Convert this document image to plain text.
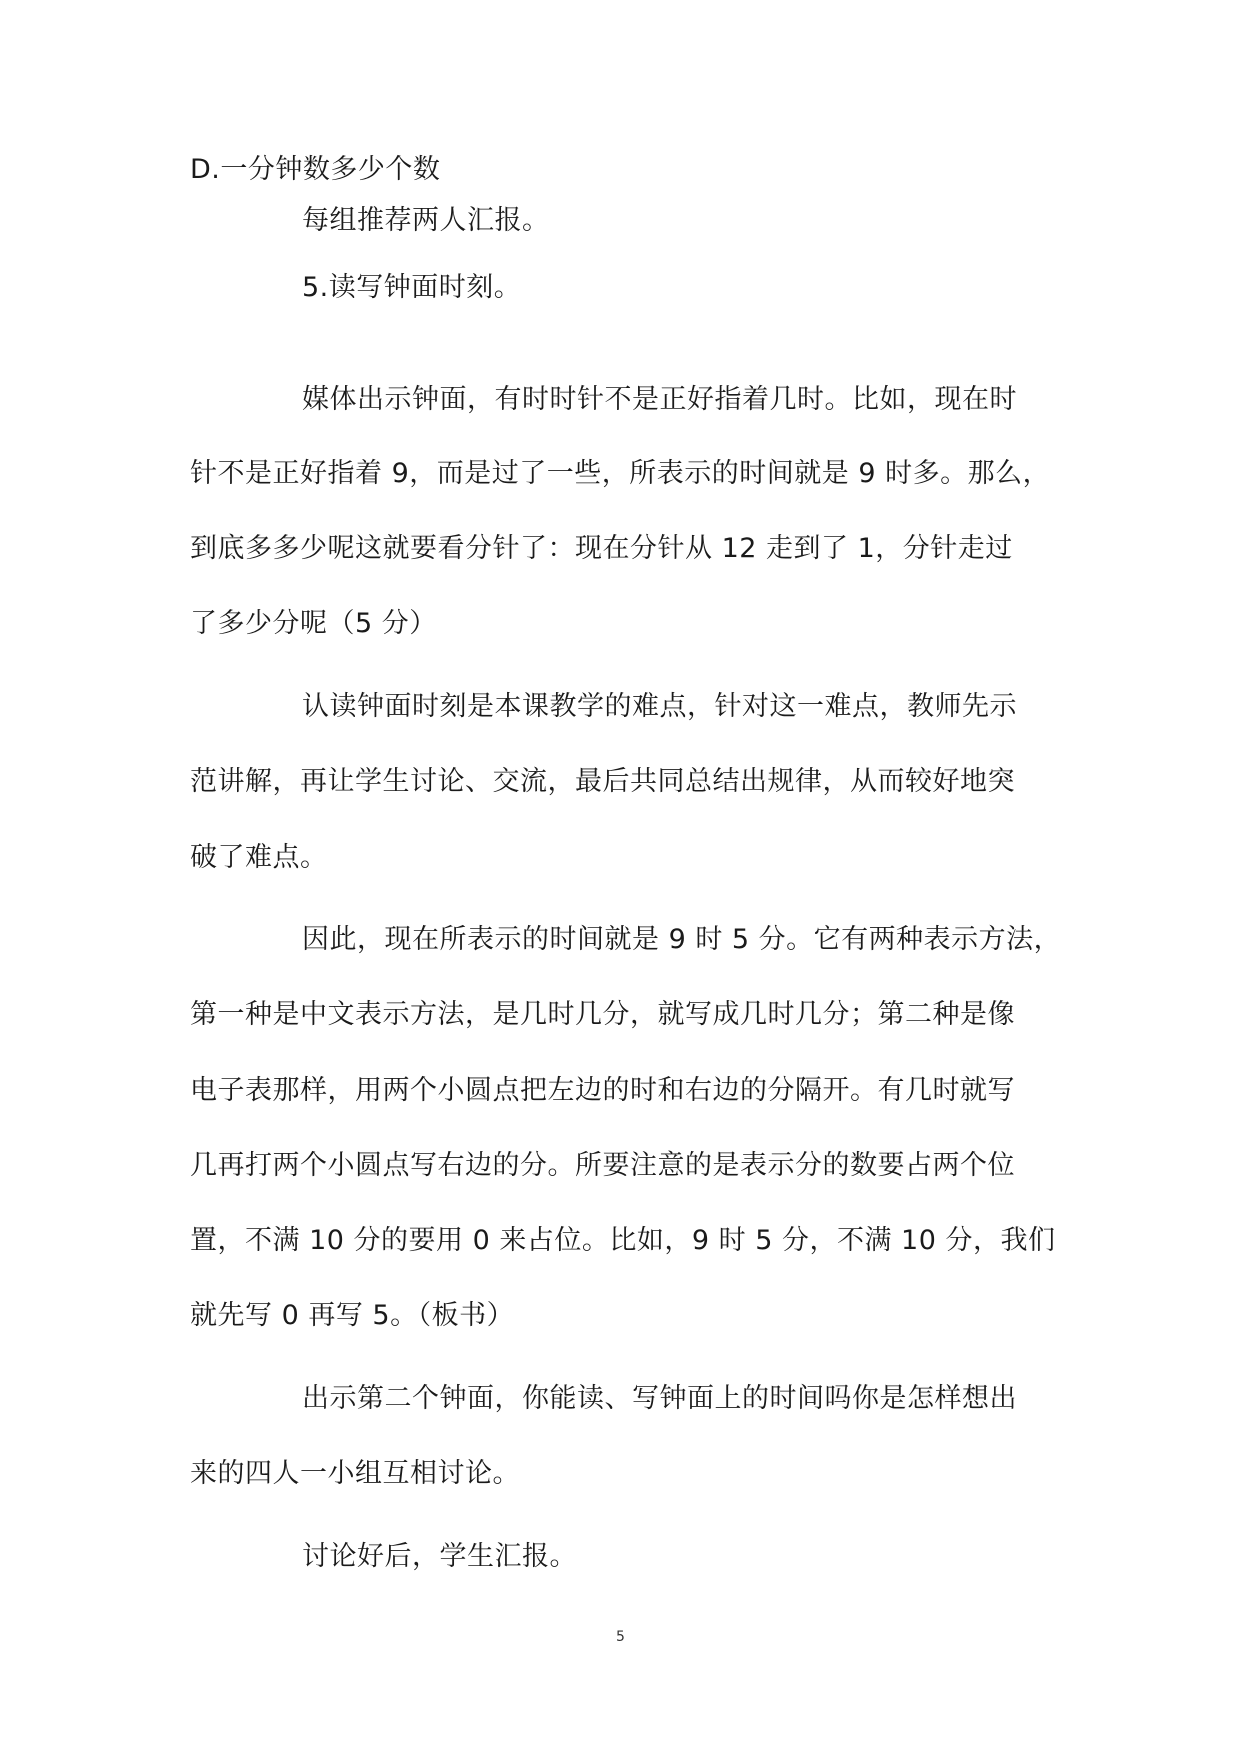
D.一分钟数多少个数
每组推荐两人汇报。
5.读写钟面时刻。
媒体出示钟面，有时时针不是正好指着几时。比如，现在时
针不是正好指着 9，而是过了一些，所表示的时间就是 9 时多。那么，
到底多多少呢这就要看分针了：现在分针从 12 走到了 1，分针走过
了多少分呢（5 分）
认读钟面时刻是本课教学的难点，针对这一难点，教师先示
范讲解，再让学生讨论、交流，最后共同总结出规律，从而较好地突
破了难点。
因此，现在所表示的时间就是 9 时 5 分。它有两种表示方法，
第一种是中文表示方法，是几时几分，就写成几时几分；第二种是像
电子表那样，用两个小圆点把左边的时和右边的分隔开。有几时就写
几再打两个小圆点写右边的分。所要注意的是表示分的数要占两个位
置，不满 10 分的要用 0 来占位。比如，9 时 5 分，不满 10 分，我们
就先写 0 再写 5。（板书）
出示第二个钟面，你能读、写钟面上的时间吗你是怎样想出
来的四人一小组互相讨论。
讨论好后，学生汇报。
5
